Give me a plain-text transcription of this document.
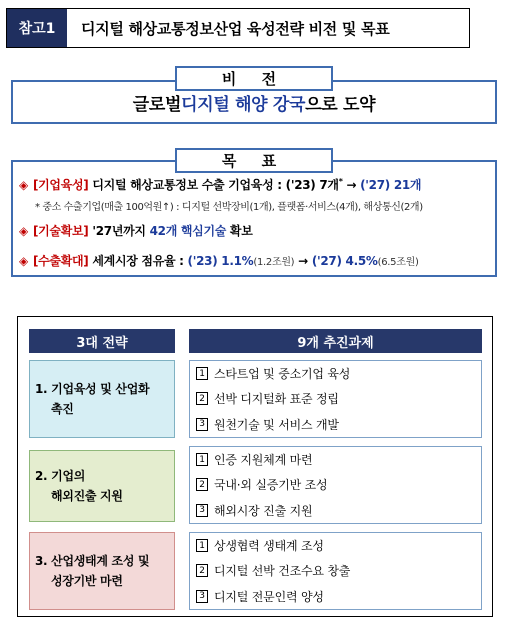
참고1	디지털 해상교통정보산업 육성전략 비전 및 목표
글로벌 디지털 해양 강국 으로 도약
비 전
◈ [기업육성] 디지털 해상교통정보 수출 기업육성 : ('23) 7개* → ('27) 21개
* 중소 수출기업(매출 100억원↑) : 디지털 선박장비(1개), 플랫폼·서비스(4개), 해상통신(2개)
◈ [기술확보] '27년까지 42개 핵심기술 확보
◈ [수출확대] 세계시장 점유율 : ('23) 1.1%(1.2조원) → ('27) 4.5%(6.5조원)
목 표
3대 전략	9개 추진과제
1. 기업육성 및 산업화
촉진
1 스타트업 및 중소기업 육성
2 선박 디지털화 표준 정립
3 원천기술 및 서비스 개발
2. 기업의
해외진출 지원
1 인증 지원체계 마련
2 국내·외 실증기반 조성
3 해외시장 진출 지원
3. 산업생태계 조성 및
성장기반 마련
1 상생협력 생태계 조성
2 디지털 선박 건조수요 창출
3 디지털 전문인력 양성
